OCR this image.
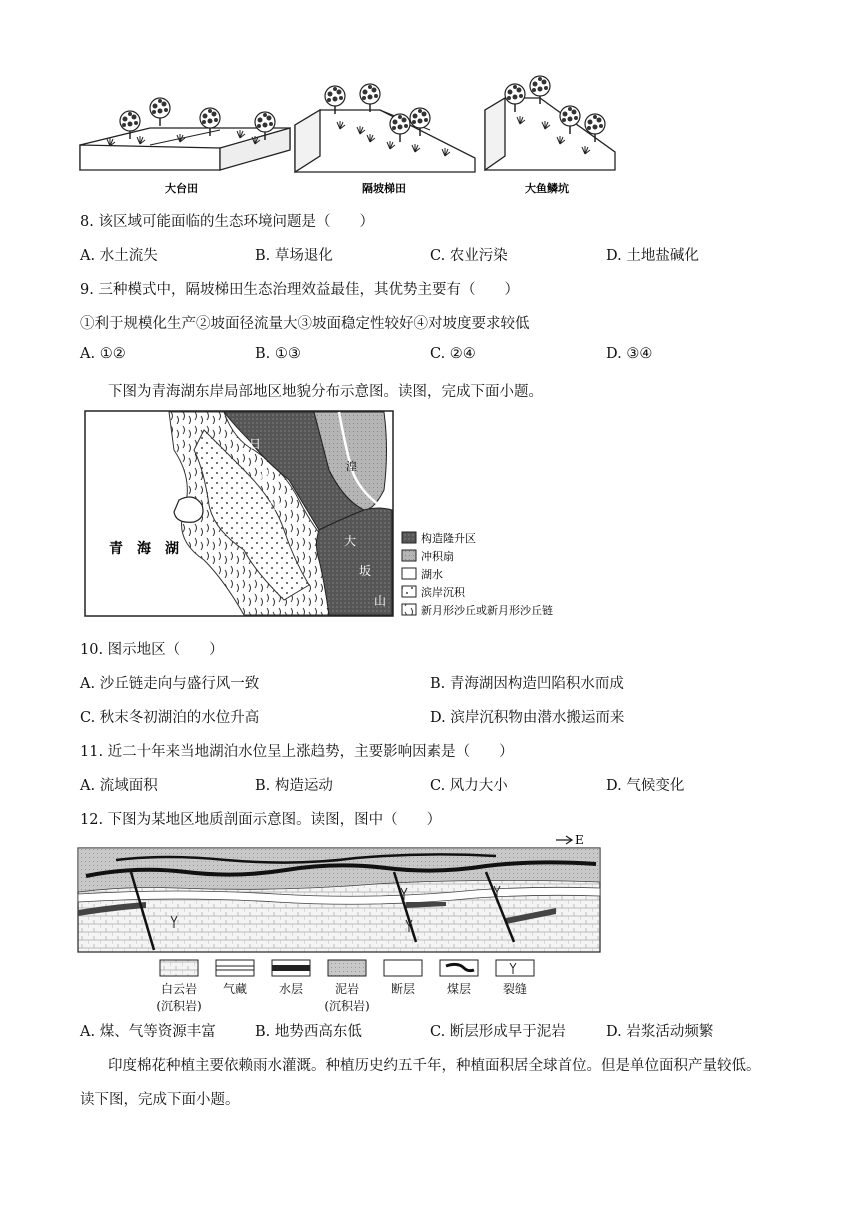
大台田	隔坡梯田	大鱼鳞坑
8. 该区域可能面临的生态环境问题是（　　）
A. 水土流失	B. 草场退化	C. 农业污染	D. 土地盐碱化
9. 三种模式中，隔坡梯田生态治理效益最佳，其优势主要有（　　）
①利于规模化生产②坡面径流量大③坡面稳定性较好④对坡度要求较低
A. ①②	B. ①③	C. ②④	D. ③④
下图为青海湖东岸局部地区地貌分布示意图。读图，完成下面小题。
青　海　湖
日
月
山
湟
大
坂
山
构造隆升区
冲积扇
湖水
滨岸沉积
新月形沙丘或新月形沙丘链
10. 图示地区（　　）
A. 沙丘链走向与盛行风一致	B. 青海湖因构造凹陷积水而成
C. 秋末冬初湖泊的水位升高	D. 滨岸沉积物由潜水搬运而来
11. 近二十年来当地湖泊水位呈上涨趋势，主要影响因素是（　　）
A. 流域面积	B. 构造运动	C. 风力大小	D. 气候变化
12. 下图为某地区地质剖面示意图。读图，图中（　　）
E
白云岩
(沉积岩)
气藏	水层	泥岩
(沉积岩)
断层	煤层	裂缝
A. 煤、气等资源丰富	B. 地势西高东低	C. 断层形成早于泥岩	D. 岩浆活动频繁
印度棉花种植主要依赖雨水灌溉。种植历史约五千年，种植面积居全球首位。但是单位面积产量较低。
读下图，完成下面小题。
